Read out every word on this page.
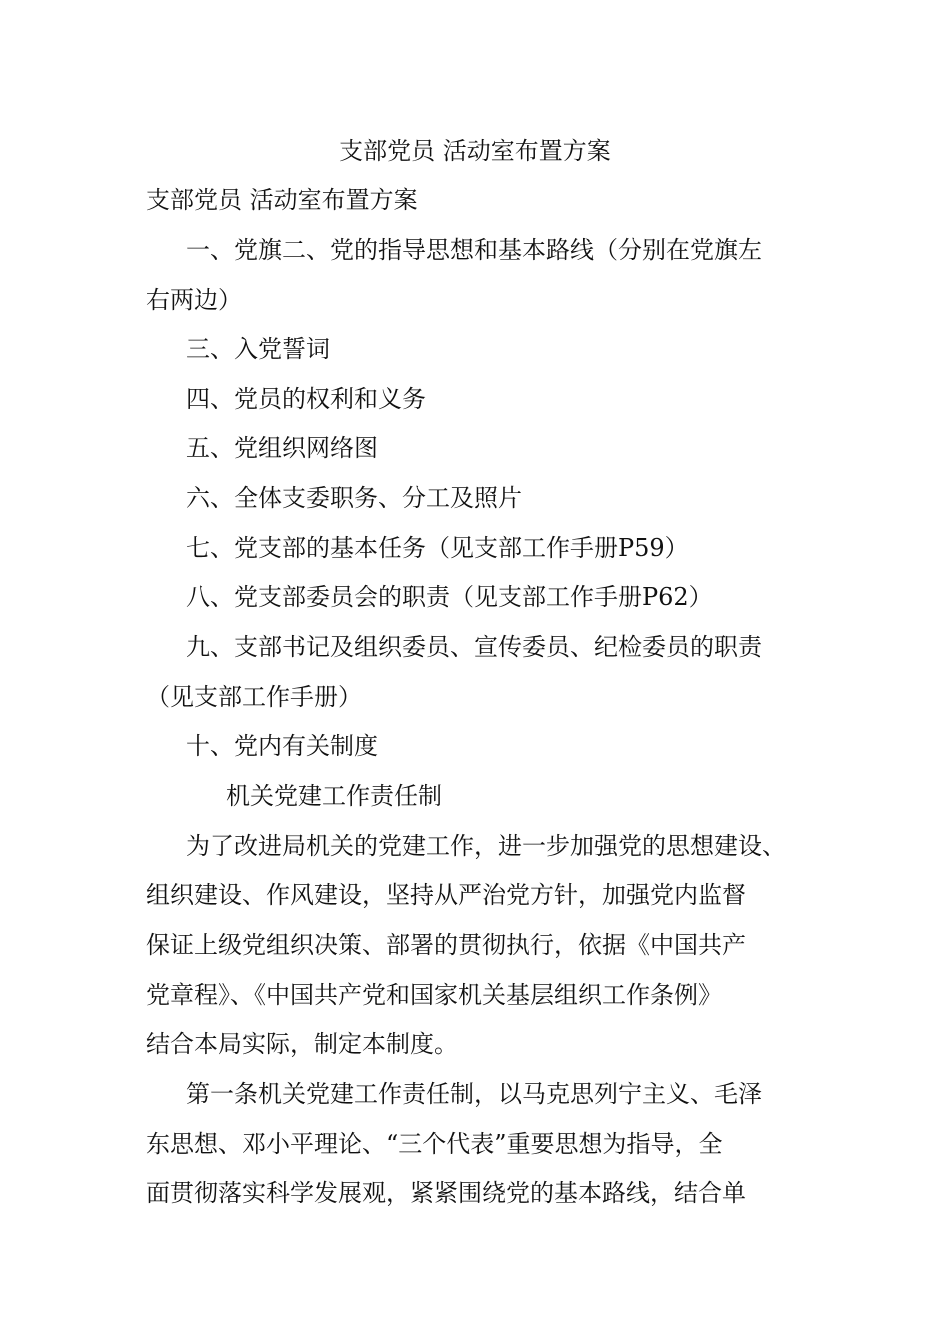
支部党员 活动室布置方案

支部党员 活动室布置方案

一、党旗二、党的指导思想和基本路线（分别在党旗左

右两边）

三、入党誓词

四、党员的权利和义务

五、党组织网络图

六、全体支委职务、分工及照片

七、党支部的基本任务（见支部工作手册P59）

八、党支部委员会的职责（见支部工作手册P62）

九、支部书记及组织委员、宣传委员、纪检委员的职责

（见支部工作手册）

十、党内有关制度

机关党建工作责任制

为了改进局机关的党建工作，进一步加强党的思想建设、

组织建设、作风建设，坚持从严治党方针，加强党内监督

保证上级党组织决策、部署的贯彻执行，依据《中国共产

党章程》、《中国共产党和国家机关基层组织工作条例》

结合本局实际，制定本制度。

第一条机关党建工作责任制，以马克思列宁主义、毛泽

东思想、邓小平理论、“三个代表”重要思想为指导，全

面贯彻落实科学发展观，紧紧围绕党的基本路线，结合单
